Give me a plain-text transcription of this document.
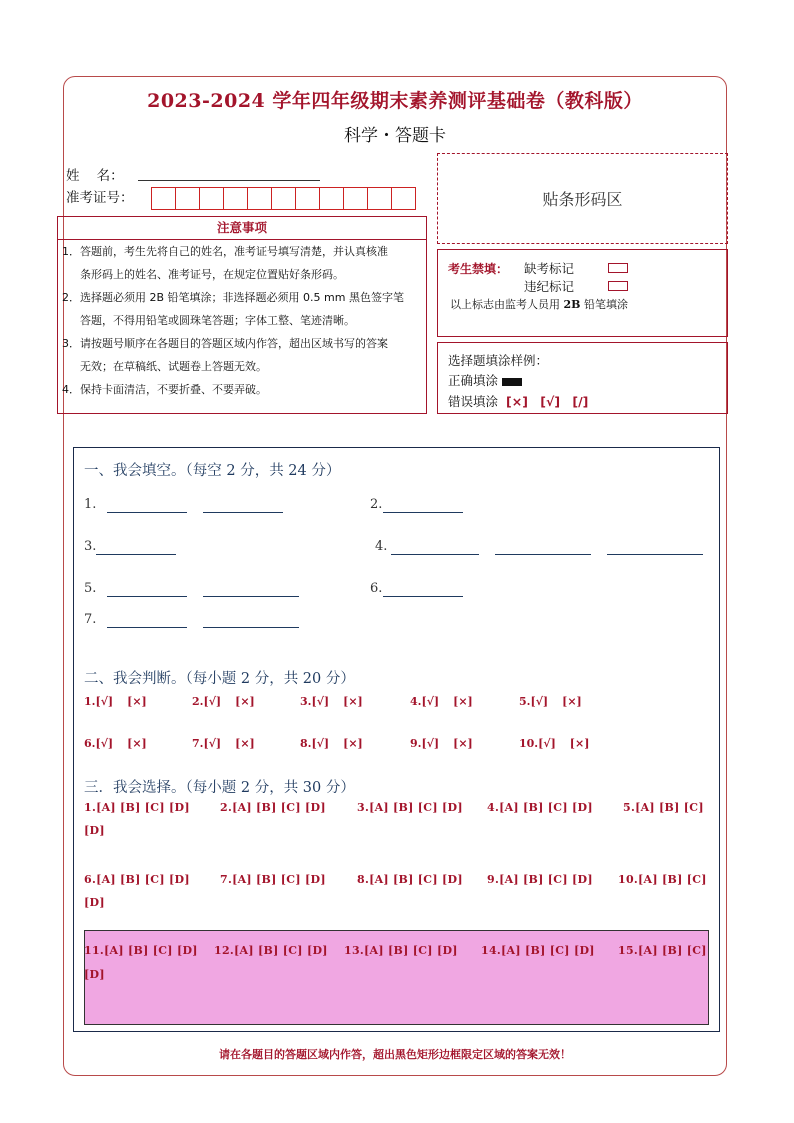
2023-2024 学年四年级期末素养测评基础卷（教科版）
科学・答题卡
姓    名：
准考证号：	贴条形码区
注意事项
1．答题前，考生先将自己的姓名，准考证号填写清楚，并认真核准
条形码上的姓名、准考证号，在规定位置贴好条形码。
2．选择题必须用 2B 铅笔填涂；非选择题必须用 0.5 mm 黑色签字笔
答题，不得用铅笔或圆珠笔答题；字体工整、笔迹清晰。
3．请按题号顺序在各题目的答题区域内作答，超出区域书写的答案
无效；在草稿纸、试题卷上答题无效。
4．保持卡面清洁，不要折叠、不要弄破。
考生禁填： 缺考标记
违纪标记
以上标志由监考人员用 2B 铅笔填涂
选择题填涂样例：
正确填涂
错误填涂 [×] [√] [/]
一、我会填空。（每空 2 分，共 24 分）
1.	2.
3.	4.
5.	6.
7.
二、我会判断。（每小题 2 分，共 20 分）
1.[√] [×]	2.[√] [×]	3.[√] [×]	4.[√] [×]	5.[√] [×]
6.[√] [×]	7.[√] [×]	8.[√] [×]	9.[√] [×]	10.[√] [×]
三．我会选择。（每小题 2 分，共 30 分）
1.[A] [B] [C] [D]	2.[A] [B] [C] [D]	3.[A] [B] [C] [D] 4.[A] [B] [C] [D]	5.[A] [B] [C]
[D]
6.[A] [B] [C] [D]	7.[A] [B] [C] [D]	8.[A] [B] [C] [D] 9.[A] [B] [C] [D] 10.[A] [B] [C]
[D]
11.[A] [B] [C] [D] 12.[A] [B] [C] [D] 13.[A] [B] [C] [D] 14.[A] [B] [C] [D] 15.[A] [B] [C]
[D]
请在各题目的答题区域内作答，超出黑色矩形边框限定区域的答案无效！
